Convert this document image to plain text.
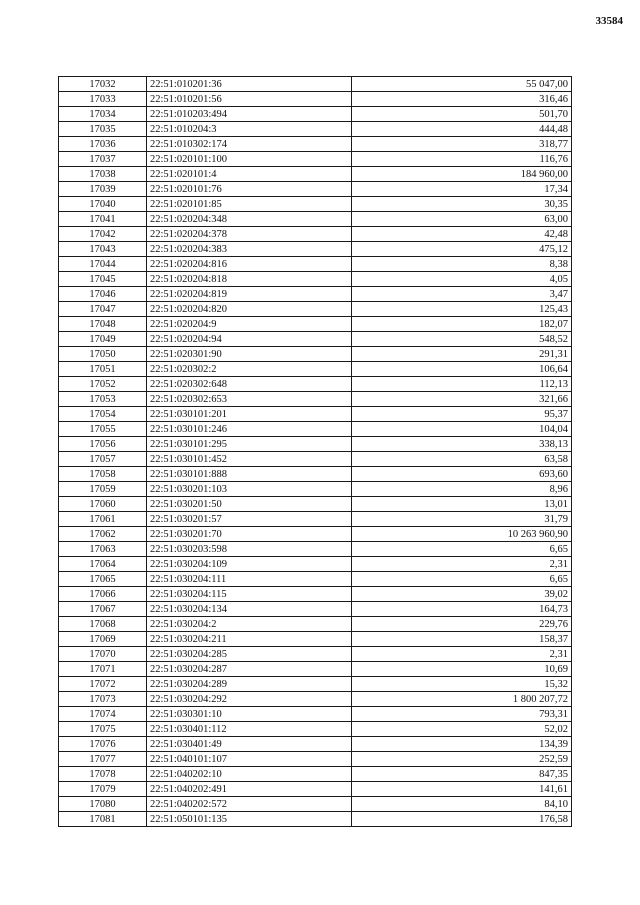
33584
17032	22:51:010201:36	55 047,00
17033	22:51:010201:56	316,46
17034	22:51:010203:494	501,70
17035	22:51:010204:3	444,48
17036	22:51:010302:174	318,77
17037	22:51:020101:100	116,76
17038	22:51:020101:4	184 960,00
17039	22:51:020101:76	17,34
17040	22:51:020101:85	30,35
17041	22:51:020204:348	63,00
17042	22:51:020204:378	42,48
17043	22:51:020204:383	475,12
17044	22:51:020204:816	8,38
17045	22:51:020204:818	4,05
17046	22:51:020204:819	3,47
17047	22:51:020204:820	125,43
17048	22:51:020204:9	182,07
17049	22:51:020204:94	548,52
17050	22:51:020301:90	291,31
17051	22:51:020302:2	106,64
17052	22:51:020302:648	112,13
17053	22:51:020302:653	321,66
17054	22:51:030101:201	95,37
17055	22:51:030101:246	104,04
17056	22:51:030101:295	338,13
17057	22:51:030101:452	63,58
17058	22:51:030101:888	693,60
17059	22:51:030201:103	8,96
17060	22:51:030201:50	13,01
17061	22:51:030201:57	31,79
17062	22:51:030201:70	10 263 960,90
17063	22:51:030203:598	6,65
17064	22:51:030204:109	2,31
17065	22:51:030204:111	6,65
17066	22:51:030204:115	39,02
17067	22:51:030204:134	164,73
17068	22:51:030204:2	229,76
17069	22:51:030204:211	158,37
17070	22:51:030204:285	2,31
17071	22:51:030204:287	10,69
17072	22:51:030204:289	15,32
17073	22:51:030204:292	1 800 207,72
17074	22:51:030301:10	793,31
17075	22:51:030401:112	52,02
17076	22:51:030401:49	134,39
17077	22:51:040101:107	252,59
17078	22:51:040202:10	847,35
17079	22:51:040202:491	141,61
17080	22:51:040202:572	84,10
17081	22:51:050101:135	176,58
